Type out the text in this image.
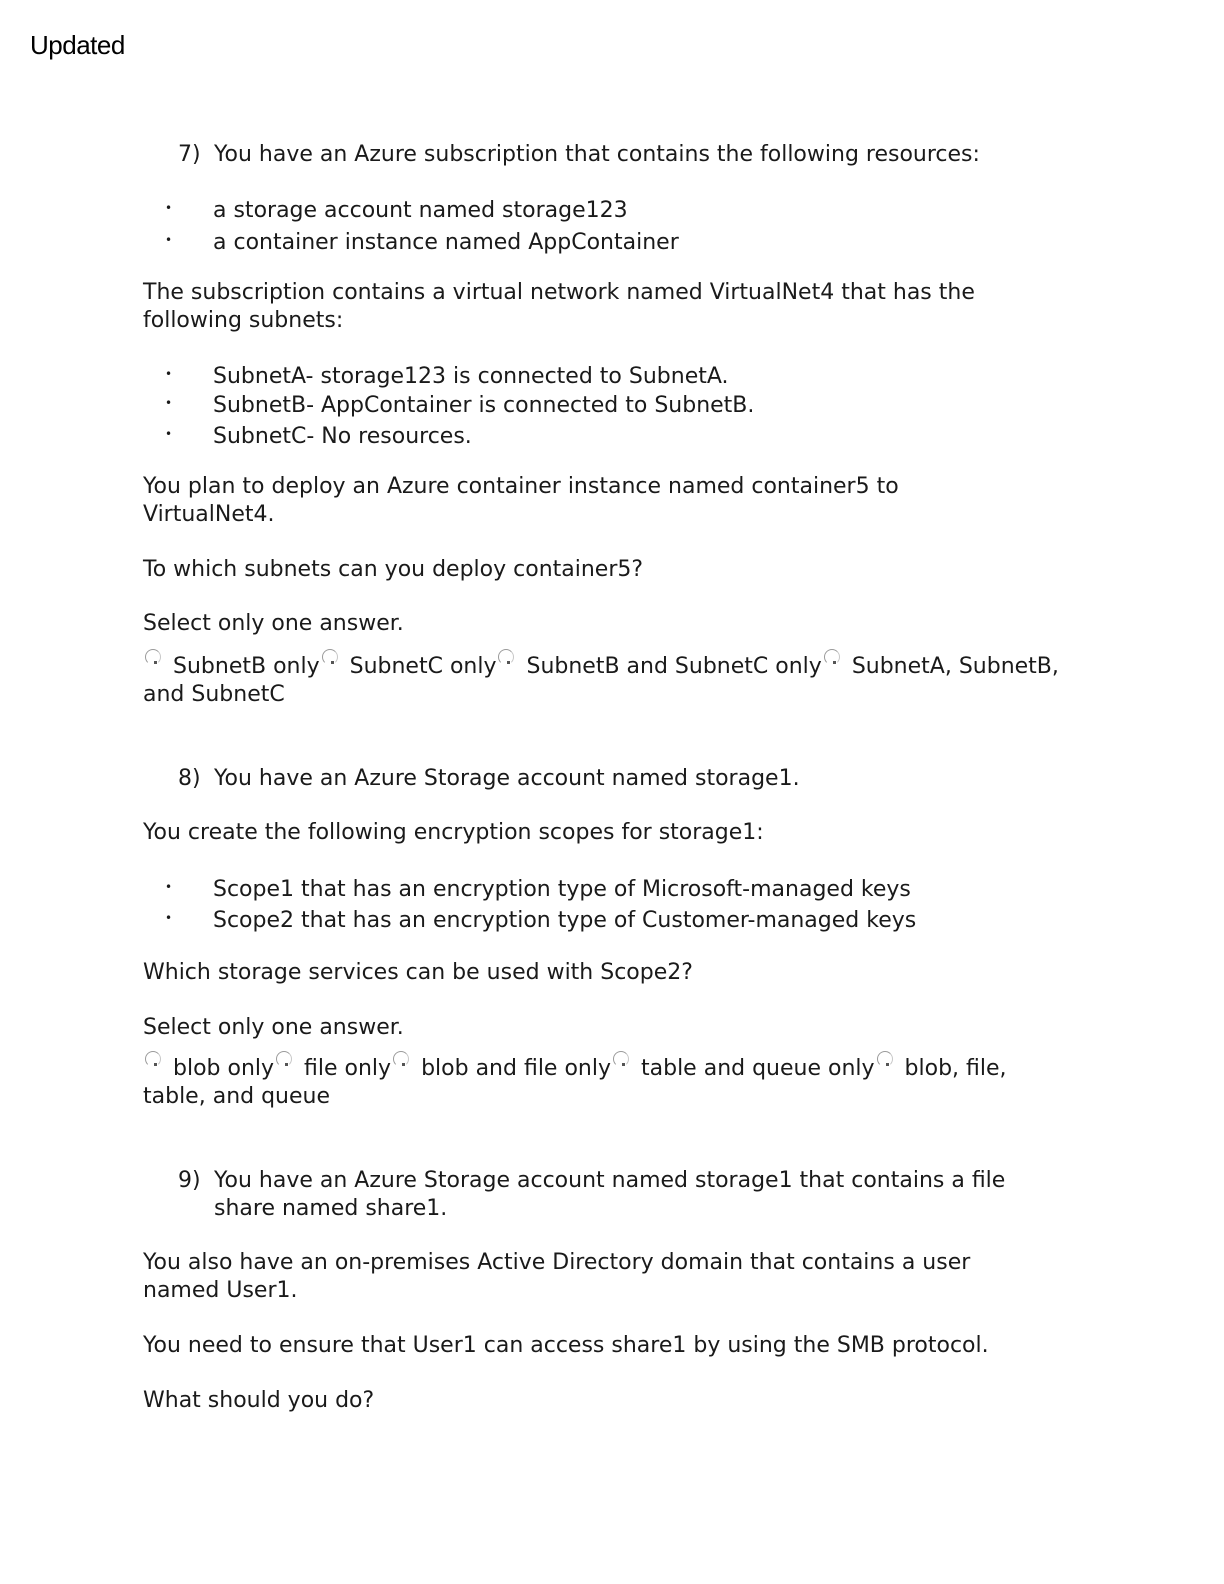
Updated
7) You have an Azure subscription that contains the following resources:
• a storage account named storage123
• a container instance named AppContainer
The subscription contains a virtual network named VirtualNet4 that has the following subnets:
• SubnetA- storage123 is connected to SubnetA.
• SubnetB- AppContainer is connected to SubnetB.
• SubnetC- No resources.
You plan to deploy an Azure container instance named container5 to VirtualNet4.
To which subnets can you deploy container5?
Select only one answer.
SubnetB only SubnetC only SubnetB and SubnetC only SubnetA, SubnetB, and SubnetC
8) You have an Azure Storage account named storage1.
You create the following encryption scopes for storage1:
• Scope1 that has an encryption type of Microsoft-managed keys
• Scope2 that has an encryption type of Customer-managed keys
Which storage services can be used with Scope2?
Select only one answer.
blob only file only blob and file only table and queue only blob, file, table, and queue
9) You have an Azure Storage account named storage1 that contains a file
share named share1.
You also have an on-premises Active Directory domain that contains a user named User1.
You need to ensure that User1 can access share1 by using the SMB protocol.
What should you do?
